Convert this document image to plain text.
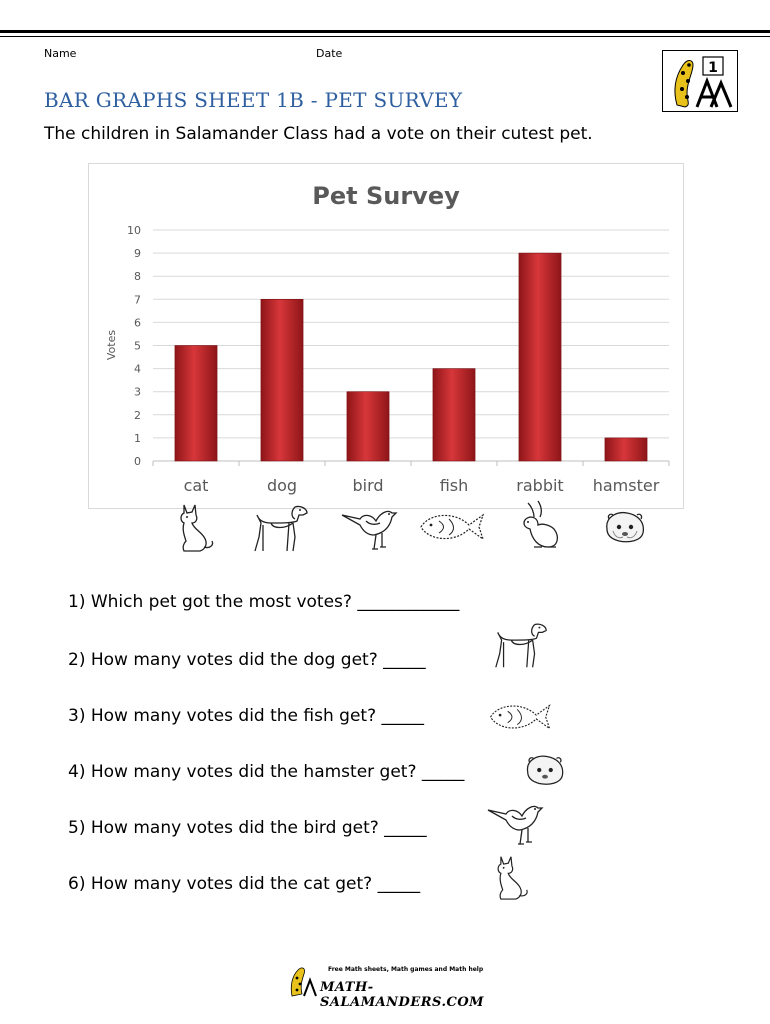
Name	Date
1
BAR GRAPHS SHEET 1B - PET SURVEY
The children in Salamander Class had a vote on their cutest pet.
Pet Survey
Votes
0
1
2
3
4
5
6
7
8
9
10
cat	dog	bird	fish	rabbit hamster
1) Which pet got the most votes? ____________
2) How many votes did the dog get? _____
3) How many votes did the fish get? _____
4) How many votes did the hamster get? _____
5) How many votes did the bird get? _____
6) How many votes did the cat get? _____
Free Math sheets, Math games and Math help
MATH-SALAMANDERS.COM
